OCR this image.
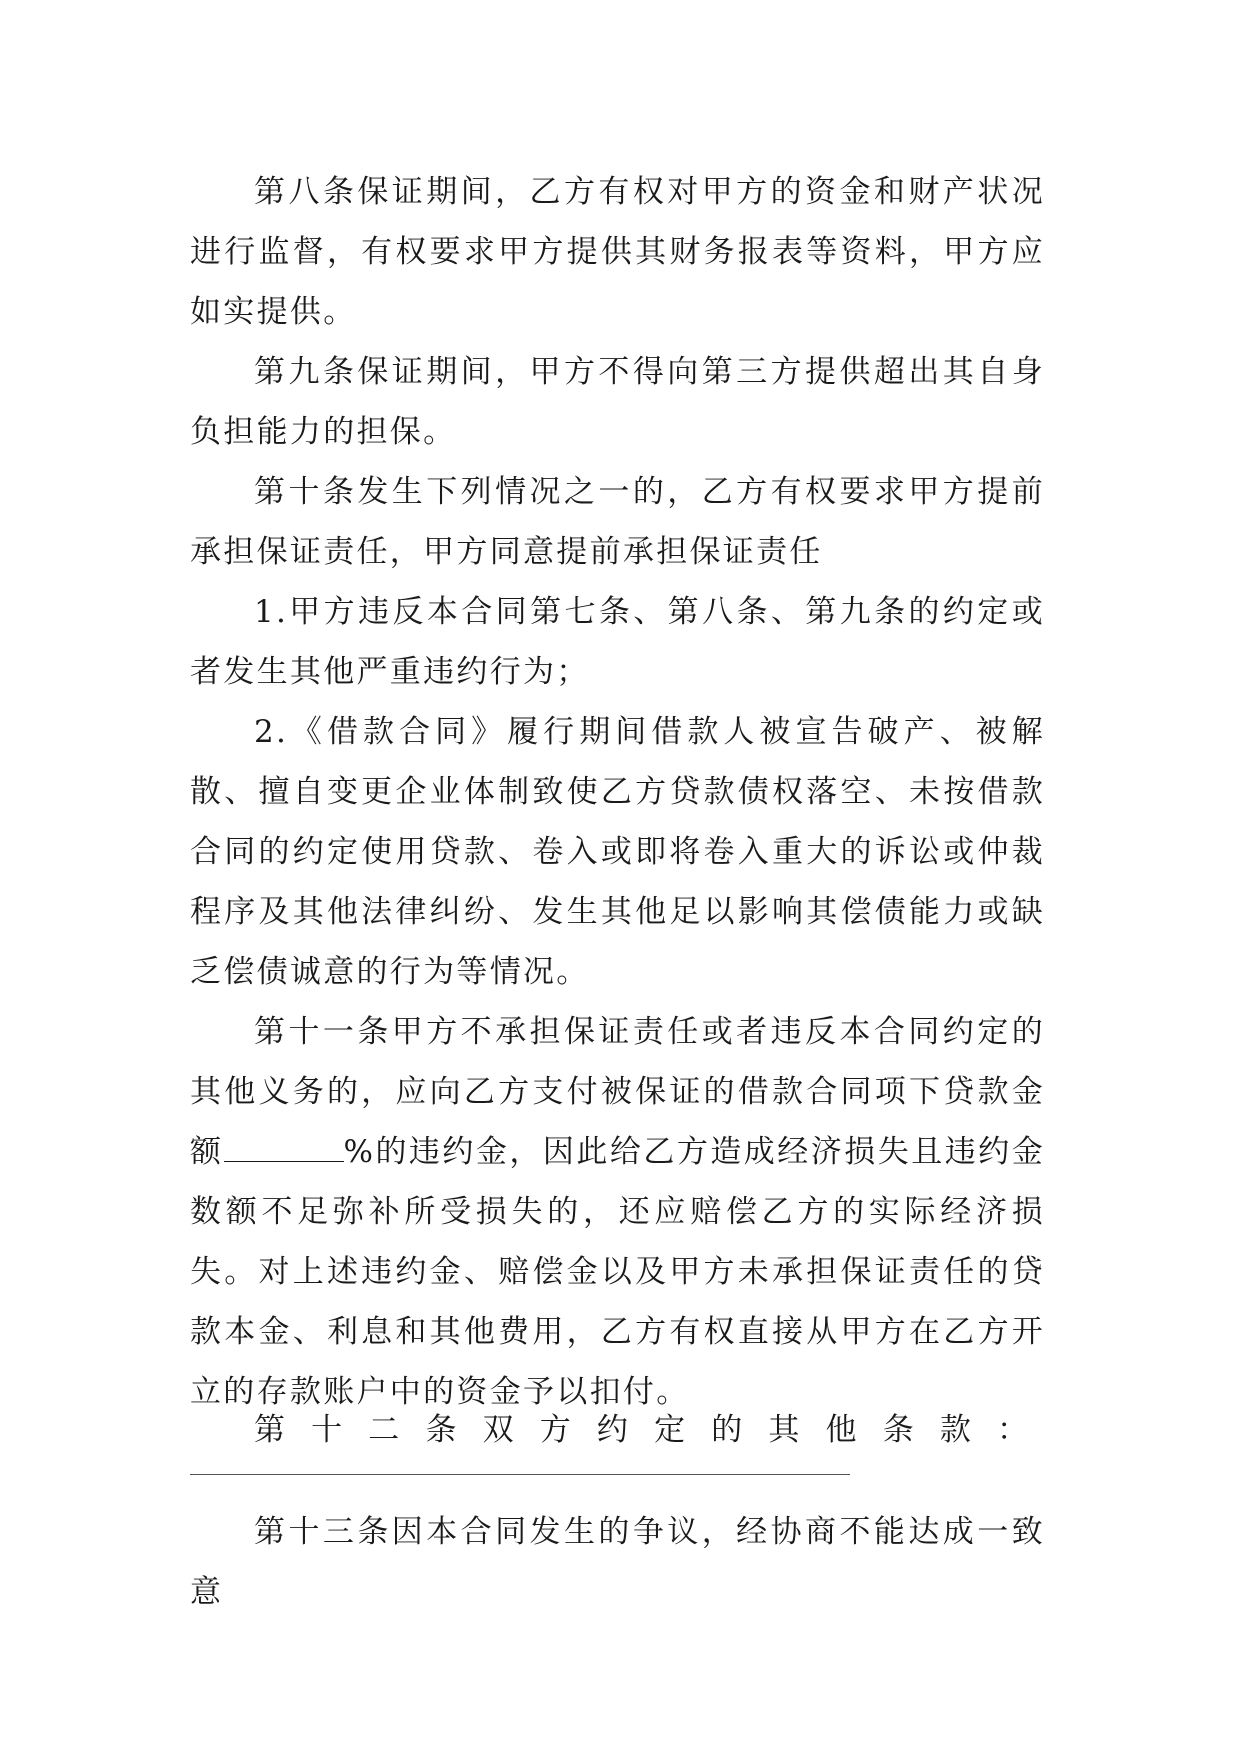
第八条保证期间，乙方有权对甲方的资金和财产状况进行监督，有权要求甲方提供其财务报表等资料，甲方应如实提供。

第九条保证期间，甲方不得向第三方提供超出其自身负担能力的担保。

第十条发生下列情况之一的，乙方有权要求甲方提前承担保证责任，甲方同意提前承担保证责任

1.甲方违反本合同第七条、第八条、第九条的约定或者发生其他严重违约行为；

2.《借款合同》履行期间借款人被宣告破产、被解散、擅自变更企业体制致使乙方贷款债权落空、未按借款合同的约定使用贷款、卷入或即将卷入重大的诉讼或仲裁程序及其他法律纠纷、发生其他足以影响其偿债能力或缺乏偿债诚意的行为等情况。

第十一条甲方不承担保证责任或者违反本合同约定的其他义务的，应向乙方支付被保证的借款合同项下贷款金额	%的违约金，因此给乙方造成经济损失且违约金数额不足弥补所受损失的，还应赔偿乙方的实际经济损失。对上述违约金、赔偿金以及甲方未承担保证责任的贷款本金、利息和其他费用，乙方有权直接从甲方在乙方开立的存款账户中的资金予以扣付。

第十二条双方约定的其他条款：

第十三条因本合同发生的争议，经协商不能达成一致意
